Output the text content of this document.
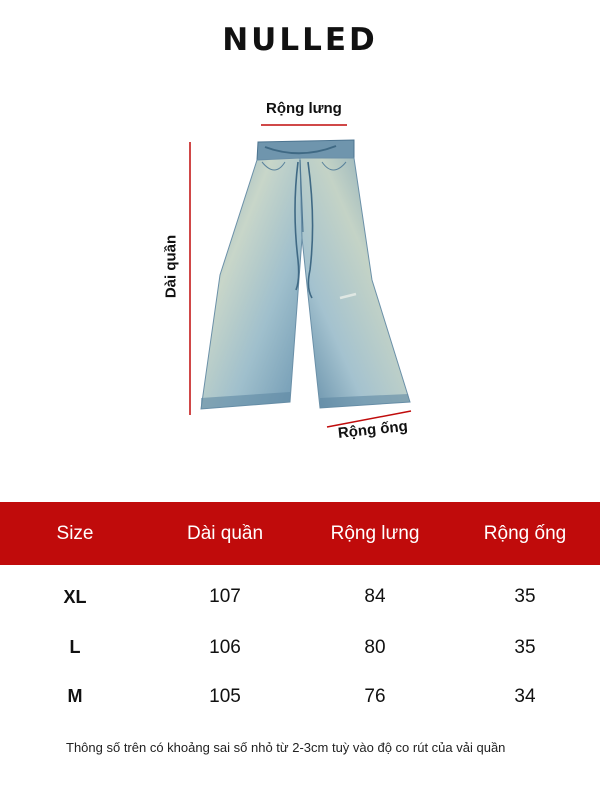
NULLED
Rộng lưng
Dài quần
Rộng ống
Size	Dài quần	Rộng lưng	Rộng ống
XL	107	84	35
L	106	80	35
M	105	76	34
Thông số trên có khoảng sai số nhỏ từ 2-3cm tuỳ vào độ co rút của vải quần
